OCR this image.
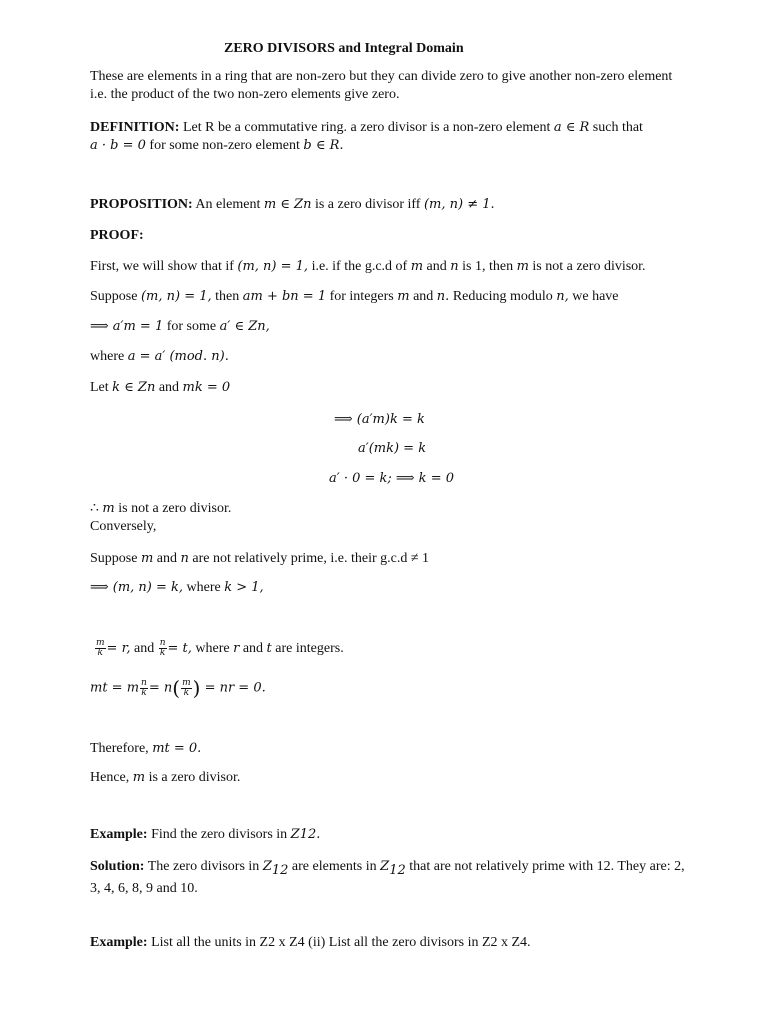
ZERO DIVISORS and Integral Domain
These are elements in a ring that are non-zero but they can divide zero to give another non-zero element i.e. the product of the two non-zero elements give zero.
DEFINITION: Let R be a commutative ring. a zero divisor is a non-zero element a ∈ R such that
a · b = 0 for some non-zero element b ∈ R.
PROPOSITION: An element m ∈ Zn is a zero divisor iff (m, n) ≠ 1.
PROOF:
First, we will show that if (m, n) = 1, i.e. if the g.c.d of m and n is 1, then m is not a zero divisor.
Suppose (m, n) = 1, then am + bn = 1 for integers m and n. Reducing modulo n, we have
⟹ a′m = 1 for some a′ ∈ Zn,
where a = a′ (mod. n).
Let k ∈ Zn and mk = 0
⟹ (a′m)k = k
a′(mk) = k
a′ · 0 = k; ⟹ k = 0
∴ m is not a zero divisor.
Conversely,
Suppose m and n are not relatively prime, i.e. their g.c.d ≠ 1
⟹ (m, n) = k, where k > 1,
$\frac{m}{k} = r$, and $\frac{n}{k} = t$, where r and t are integers.
mt = m $\frac{n}{k} = n( \frac{m}{k}$ ) = nr = 0.
Therefore, mt = 0.
Hence, m is a zero divisor.
Example: Find the zero divisors in Z12.
Solution: The zero divisors in $Z_{12}$ are elements in $Z_{12}$ that are not relatively prime with 12. They are: 2, 3, 4, 6, 8, 9 and 10.
Example: List all the units in Z2 x Z4 (ii) List all the zero divisors in Z2 x Z4.
